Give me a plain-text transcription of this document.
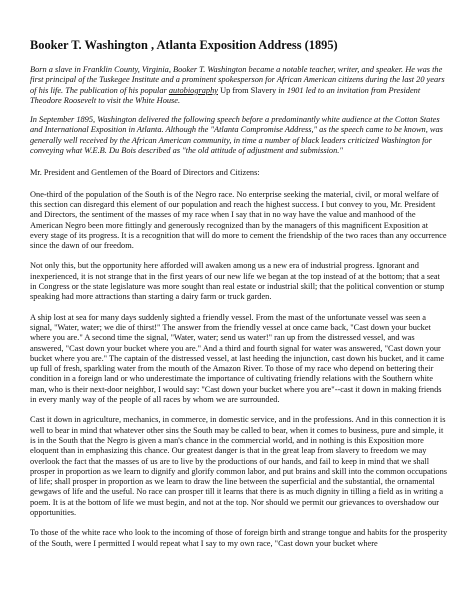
Booker T. Washington , Atlanta Exposition Address (1895)

Born a slave in Franklin County, Virginia, Booker T. Washington became a notable teacher, writer, and speaker. He was the first principal of the Tuskegee Institute and a prominent spokesperson for African American citizens during the last 20 years of his life. The publication of his popular autobiography Up from Slavery in 1901 led to an invitation from President Theodore Roosevelt to visit the White House.

In September 1895, Washington delivered the following speech before a predominantly white audience at the Cotton States and International Exposition in Atlanta. Although the "Atlanta Compromise Address," as the speech came to be known, was generally well received by the African American community, in time a number of black leaders criticized Washington for conveying what W.E.B. Du Bois described as "the old attitude of adjustment and submission."

Mr. President and Gentlemen of the Board of Directors and Citizens:

One-third of the population of the South is of the Negro race. No enterprise seeking the material, civil, or moral welfare of this section can disregard this element of our population and reach the highest success. I but convey to you, Mr. President and Directors, the sentiment of the masses of my race when I say that in no way have the value and manhood of the American Negro been more fittingly and generously recognized than by the managers of this magnificent Exposition at every stage of its progress. It is a recognition that will do more to cement the friendship of the two races than any occurrence since the dawn of our freedom.

Not only this, but the opportunity here afforded will awaken among us a new era of industrial progress. Ignorant and inexperienced, it is not strange that in the first years of our new life we began at the top instead of at the bottom; that a seat in Congress or the state legislature was more sought than real estate or industrial skill; that the political convention or stump speaking had more attractions than starting a dairy farm or truck garden.

A ship lost at sea for many days suddenly sighted a friendly vessel. From the mast of the unfortunate vessel was seen a signal, "Water, water; we die of thirst!" The answer from the friendly vessel at once came back, "Cast down your bucket where you are." A second time the signal, "Water, water; send us water!" ran up from the distressed vessel, and was answered, "Cast down your bucket where you are." And a third and fourth signal for water was answered, "Cast down your bucket where you are." The captain of the distressed vessel, at last heeding the injunction, cast down his bucket, and it came up full of fresh, sparkling water from the mouth of the Amazon River. To those of my race who depend on bettering their condition in a foreign land or who underestimate the importance of cultivating friendly relations with the Southern white man, who is their next-door neighbor, I would say: "Cast down your bucket where you are"--cast it down in making friends in every manly way of the people of all races by whom we are surrounded.

Cast it down in agriculture, mechanics, in commerce, in domestic service, and in the professions. And in this connection it is well to bear in mind that whatever other sins the South may be called to bear, when it comes to business, pure and simple, it is in the South that the Negro is given a man's chance in the commercial world, and in nothing is this Exposition more eloquent than in emphasizing this chance. Our greatest danger is that in the great leap from slavery to freedom we may overlook the fact that the masses of us are to live by the productions of our hands, and fail to keep in mind that we shall prosper in proportion as we learn to dignify and glorify common labor, and put brains and skill into the common occupations of life; shall prosper in proportion as we learn to draw the line between the superficial and the substantial, the ornamental gewgaws of life and the useful. No race can prosper till it learns that there is as much dignity in tilling a field as in writing a poem. It is at the bottom of life we must begin, and not at the top. Nor should we permit our grievances to overshadow our opportunities.

To those of the white race who look to the incoming of those of foreign birth and strange tongue and habits for the prosperity of the South, were I permitted I would repeat what I say to my own race, "Cast down your bucket where
